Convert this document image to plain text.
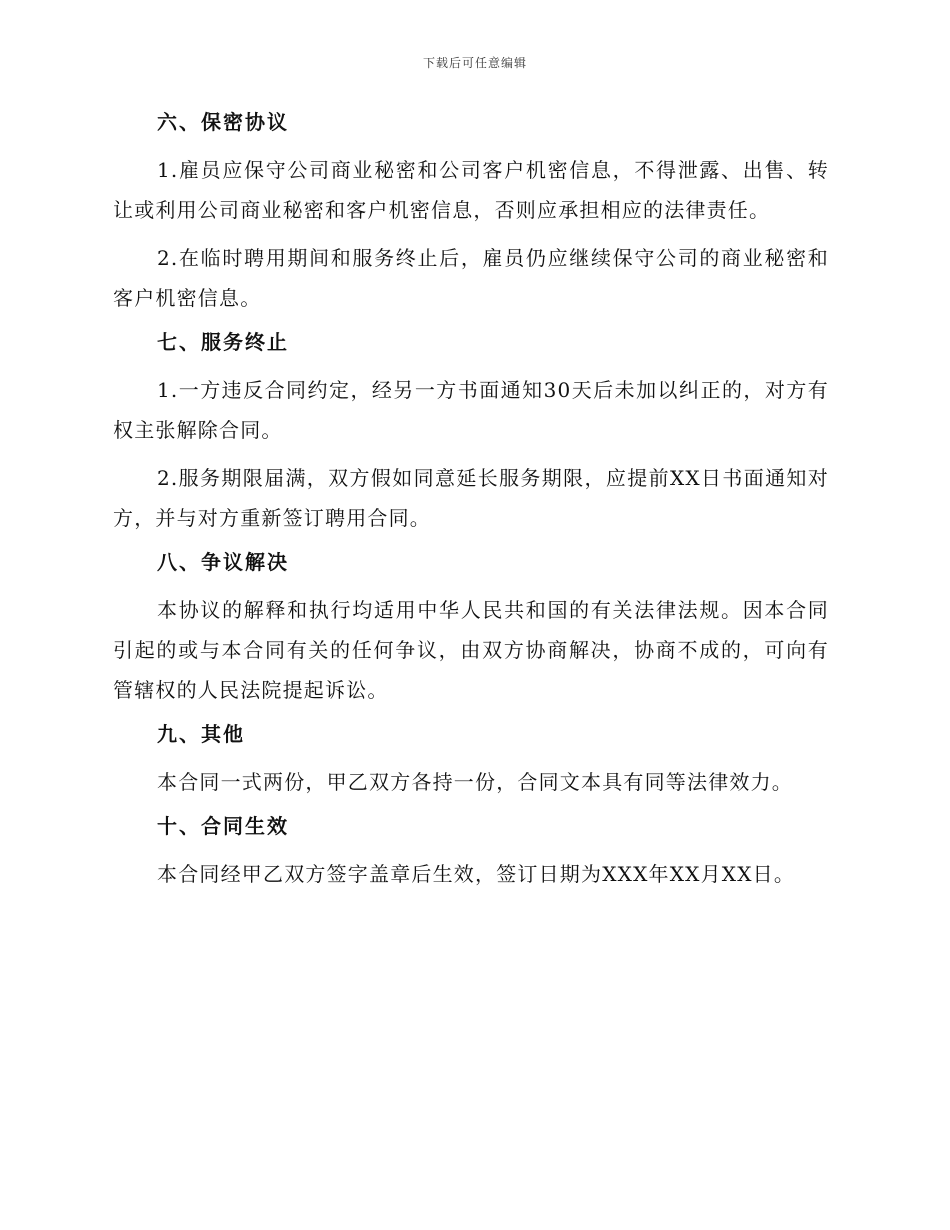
下载后可任意编辑
六、保密协议

1.雇员应保守公司商业秘密和公司客户机密信息，不得泄露、出售、转让或利用公司商业秘密和客户机密信息，否则应承担相应的法律责任。

2.在临时聘用期间和服务终止后，雇员仍应继续保守公司的商业秘密和客户机密信息。

七、服务终止

1.一方违反合同约定，经另一方书面通知30天后未加以纠正的，对方有权主张解除合同。

2.服务期限届满，双方假如同意延长服务期限，应提前XX日书面通知对方，并与对方重新签订聘用合同。

八、争议解决

本协议的解释和执行均适用中华人民共和国的有关法律法规。因本合同引起的或与本合同有关的任何争议，由双方协商解决，协商不成的，可向有管辖权的人民法院提起诉讼。

九、其他

本合同一式两份，甲乙双方各持一份，合同文本具有同等法律效力。

十、合同生效

本合同经甲乙双方签字盖章后生效，签订日期为XXX年XX月XX日。
